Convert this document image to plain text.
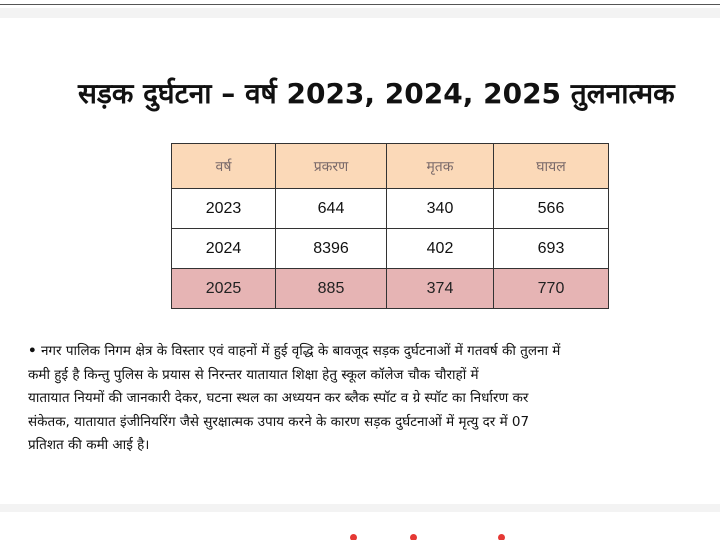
सड़क दुर्घटना – वर्ष 2023, 2024, 2025 तुलनात्मक
वर्ष	प्रकरण	मृतक	घायल
2023	644	340	566
2024	8396	402	693
2025	885	374	770
• नगर पालिक निगम क्षेत्र के विस्तार एवं वाहनों में हुई वृद्धि के बावजूद सड़क दुर्घटनाओं में गतवर्ष की तुलना में
कमी हुई है किन्तु पुलिस के प्रयास से निरन्तर यातायात शिक्षा हेतु स्कूल कॉलेज चौक चौराहों में
यातायात नियमों की जानकारी देकर, घटना स्थल का अध्ययन कर ब्लैक स्पॉट व ग्रे स्पॉट का निर्धारण कर
संकेतक, यातायात इंजीनियरिंग जैसे सुरक्षात्मक उपाय करने के कारण सड़क दुर्घटनाओं में मृत्यु दर में 07
प्रतिशत की कमी आई है।
